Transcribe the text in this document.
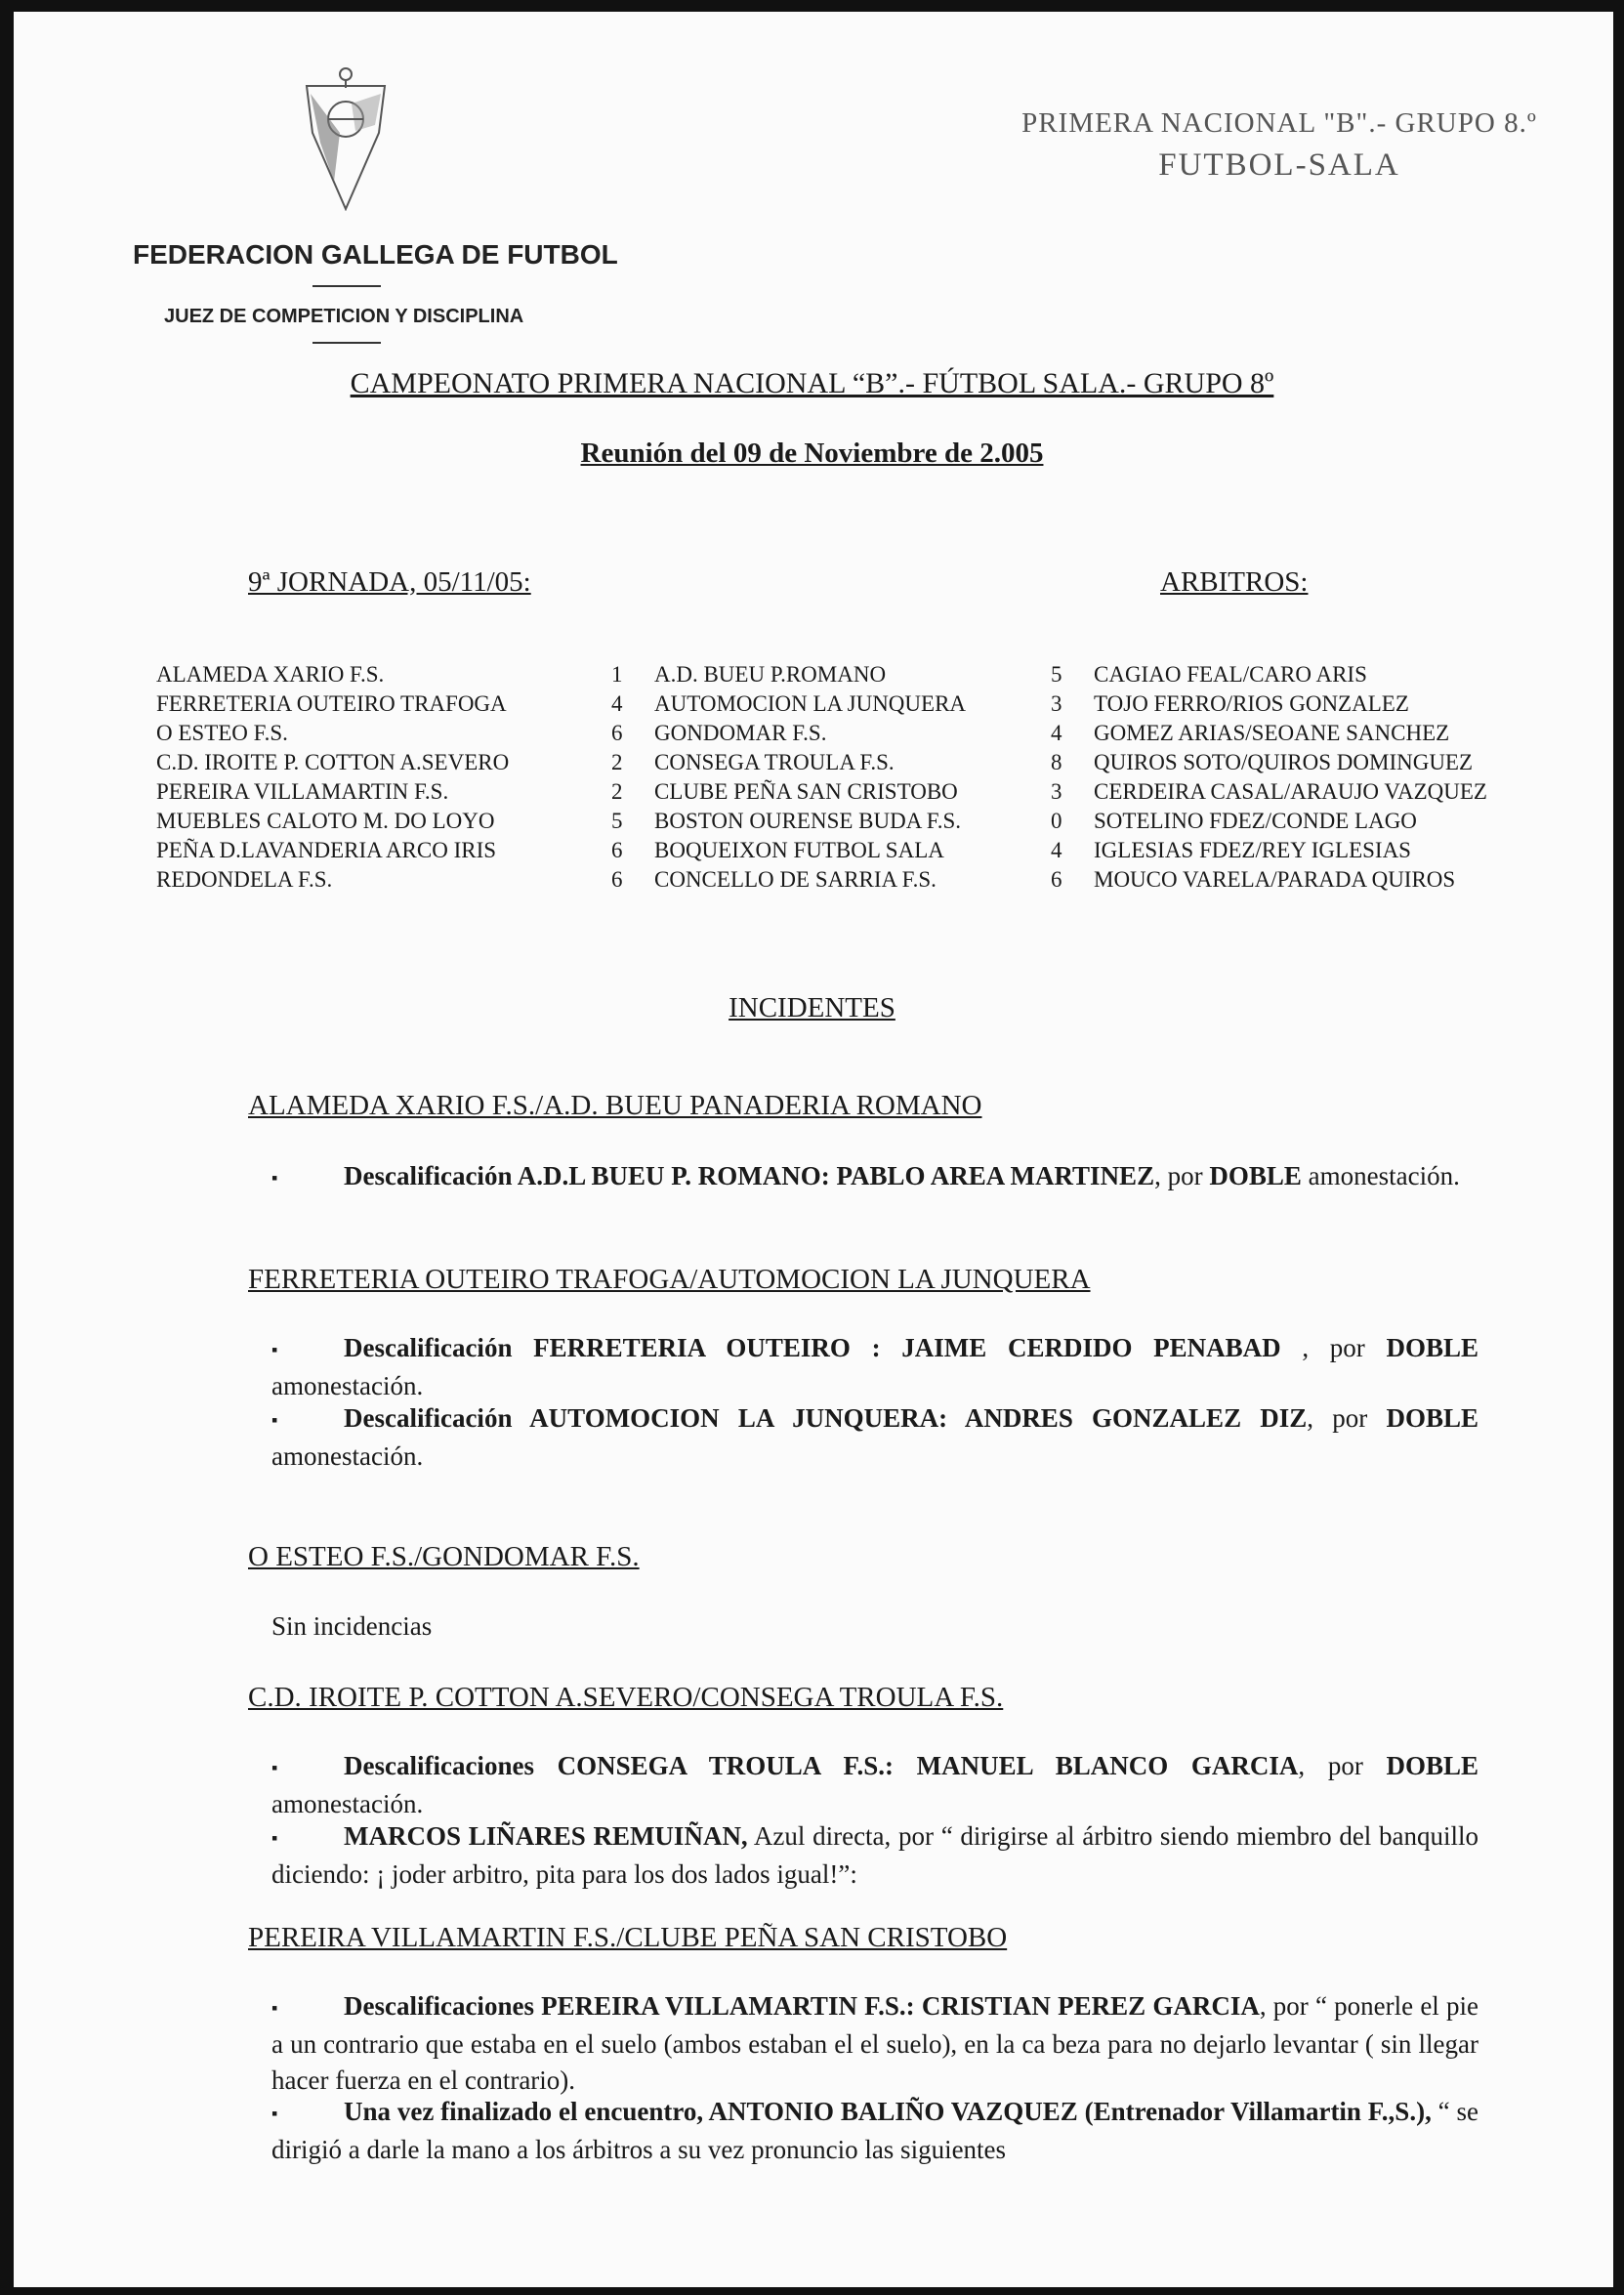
PRIMERA NACIONAL "B".- GRUPO 8.º
FUTBOL-SALA
FEDERACION GALLEGA DE FUTBOL
JUEZ DE COMPETICION Y DISCIPLINA
CAMPEONATO PRIMERA NACIONAL “B”.- FÚTBOL SALA.- GRUPO 8º
Reunión del 09 de Noviembre de 2.005
9ª JORNADA, 05/11/05:	ARBITROS:
ALAMEDA XARIO F.S.	1	A.D. BUEU P.ROMANO	5	CAGIAO FEAL/CARO ARIS
FERRETERIA OUTEIRO TRAFOGA	4	AUTOMOCION LA JUNQUERA	3	TOJO FERRO/RIOS GONZALEZ
O ESTEO F.S.	6	GONDOMAR F.S.	4	GOMEZ ARIAS/SEOANE SANCHEZ
C.D. IROITE P. COTTON A.SEVERO	2	CONSEGA TROULA F.S.	8	QUIROS SOTO/QUIROS DOMINGUEZ
PEREIRA VILLAMARTIN F.S.	2	CLUBE PEÑA SAN CRISTOBO	3	CERDEIRA CASAL/ARAUJO VAZQUEZ
MUEBLES CALOTO M. DO LOYO	5	BOSTON OURENSE BUDA F.S.	0	SOTELINO FDEZ/CONDE LAGO
PEÑA D.LAVANDERIA ARCO IRIS	6	BOQUEIXON FUTBOL SALA	4	IGLESIAS FDEZ/REY IGLESIAS
REDONDELA F.S.	6	CONCELLO DE SARRIA F.S.	6	MOUCO VARELA/PARADA QUIROS
INCIDENTES
ALAMEDA XARIO F.S./A.D. BUEU PANADERIA ROMANO
▪	Descalificación A.D.L BUEU P. ROMANO: PABLO AREA MARTINEZ, por DOBLE amonestación.
FERRETERIA OUTEIRO TRAFOGA/AUTOMOCION LA JUNQUERA
▪	Descalificación FERRETERIA OUTEIRO : JAIME CERDIDO PENABAD , por DOBLE amonestación.
▪	Descalificación AUTOMOCION LA JUNQUERA: ANDRES GONZALEZ DIZ, por DOBLE amonestación.
O ESTEO F.S./GONDOMAR F.S.
Sin incidencias
C.D. IROITE P. COTTON A.SEVERO/CONSEGA TROULA F.S.
▪	Descalificaciones CONSEGA TROULA F.S.: MANUEL BLANCO GARCIA, por DOBLE amonestación.
▪	MARCOS LIÑARES REMUIÑAN, Azul directa, por “ dirigirse al árbitro siendo miembro del banquillo diciendo: ¡ joder arbitro, pita para los dos lados igual!”:
PEREIRA VILLAMARTIN F.S./CLUBE PEÑA SAN CRISTOBO
▪	Descalificaciones PEREIRA VILLAMARTIN F.S.: CRISTIAN PEREZ GARCIA, por “ ponerle el pie a un contrario que estaba en el suelo (ambos estaban el el suelo), en la ca beza para no dejarlo levantar ( sin llegar hacer fuerza en el contrario).
▪	Una vez finalizado el encuentro, ANTONIO BALIÑO VAZQUEZ (Entrenador Villamartin F.,S.), “ se dirigió a darle la mano a los árbitros a su vez pronuncio las siguientes
